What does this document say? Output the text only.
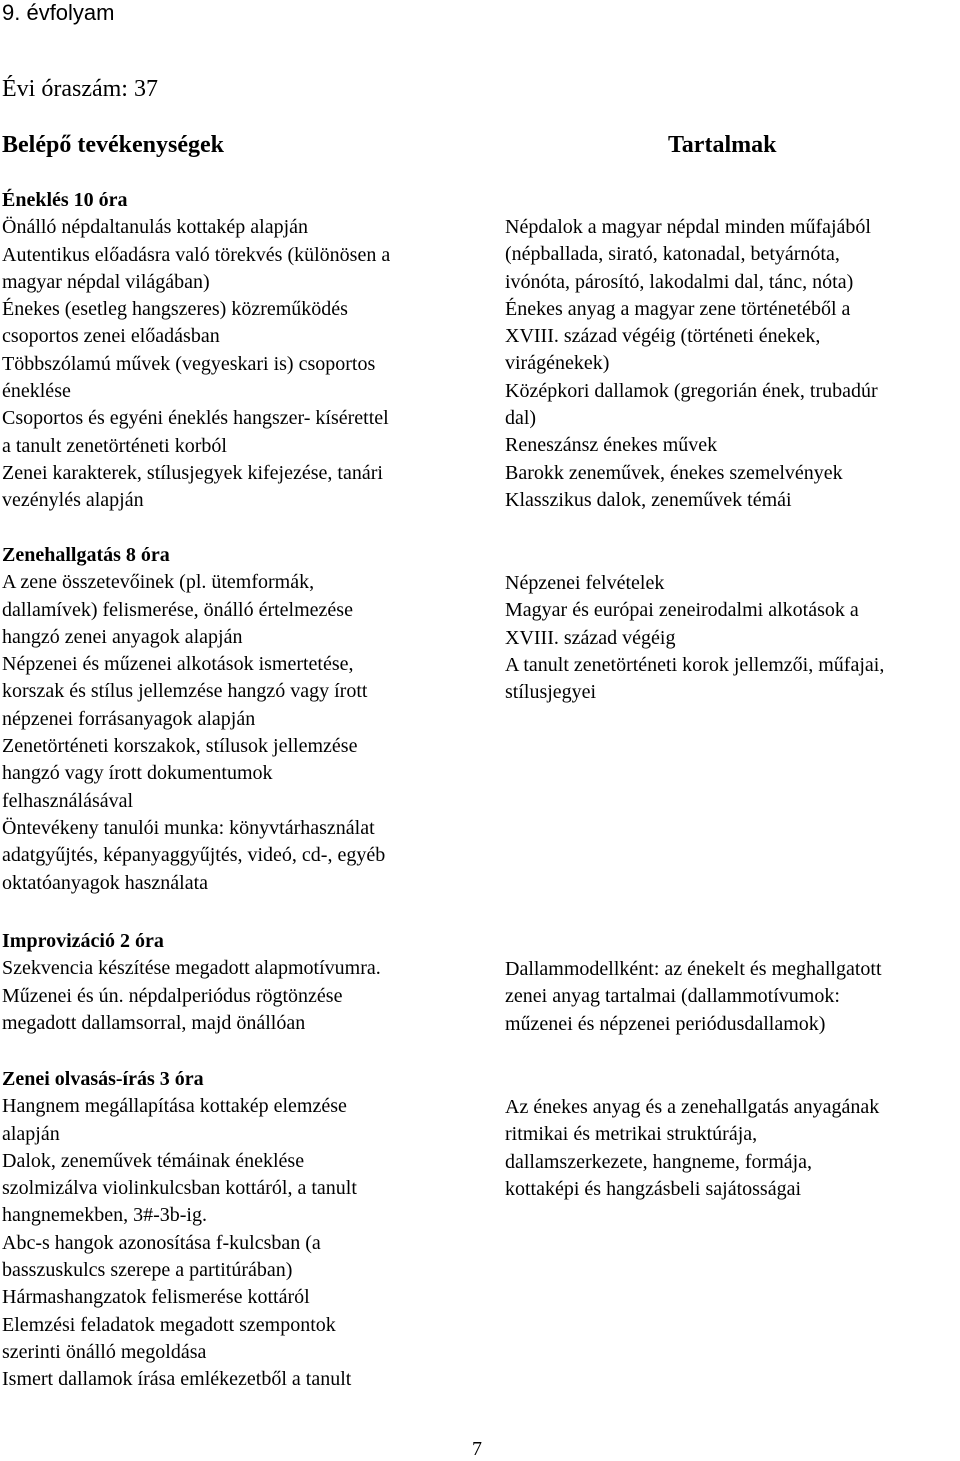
9. évfolyam
Évi óraszám: 37
Belépő tevékenységek	Tartalmak
Éneklés 10 óra
Önálló népdaltanulás kottakép alapján
Autentikus előadásra való törekvés (különösen a
magyar népdal világában)
Énekes (esetleg hangszeres) közreműködés
csoportos zenei előadásban
Többszólamú művek (vegyeskari is) csoportos
éneklése
Csoportos és egyéni éneklés hangszer- kísérettel
a tanult zenetörténeti korból
Zenei karakterek, stílusjegyek kifejezése, tanári
vezénylés alapján
Népdalok a magyar népdal minden műfajából
(népballada, sirató, katonadal, betyárnóta,
ivónóta, párosító, lakodalmi dal, tánc, nóta)
Énekes anyag a magyar zene történetéből a
XVIII. század végéig (történeti énekek,
virágénekek)
Középkori dallamok (gregorián ének, trubadúr
dal)
Reneszánsz énekes művek
Barokk zeneművek, énekes szemelvények
Klasszikus dalok, zeneművek témái
Zenehallgatás 8 óra
A zene összetevőinek (pl. ütemformák,
dallamívek) felismerése, önálló értelmezése
hangzó zenei anyagok alapján
Népzenei és műzenei alkotások ismertetése,
korszak és stílus jellemzése hangzó vagy írott
népzenei forrásanyagok alapján
Zenetörténeti korszakok, stílusok jellemzése
hangzó vagy írott dokumentumok
felhasználásával
Öntevékeny tanulói munka: könyvtárhasználat
adatgyűjtés, képanyaggyűjtés, videó, cd-, egyéb
oktatóanyagok használata
Népzenei felvételek
Magyar és európai zeneirodalmi alkotások a
XVIII. század végéig
A tanult zenetörténeti korok jellemzői, műfajai,
stílusjegyei
Improvizáció 2 óra
Szekvencia készítése megadott alapmotívumra.
Műzenei és ún. népdalperiódus rögtönzése
megadott dallamsorral, majd önállóan
Dallammodellként: az énekelt és meghallgatott
zenei anyag tartalmai (dallammotívumok:
műzenei és népzenei periódusdallamok)
Zenei olvasás-írás 3 óra
Hangnem megállapítása kottakép elemzése
alapján
Dalok, zeneművek témáinak éneklése
szolmizálva violinkulcsban kottáról, a tanult
hangnemekben, 3#-3b-ig.
Abc-s hangok azonosítása f-kulcsban (a
basszuskulcs szerepe a partitúrában)
Hármashangzatok felismerése kottáról
Elemzési feladatok megadott szempontok
szerinti önálló megoldása
Ismert dallamok írása emlékezetből a tanult
Az énekes anyag és a zenehallgatás anyagának
ritmikai és metrikai struktúrája,
dallamszerkezete, hangneme, formája,
kottaképi és hangzásbeli sajátosságai
7
